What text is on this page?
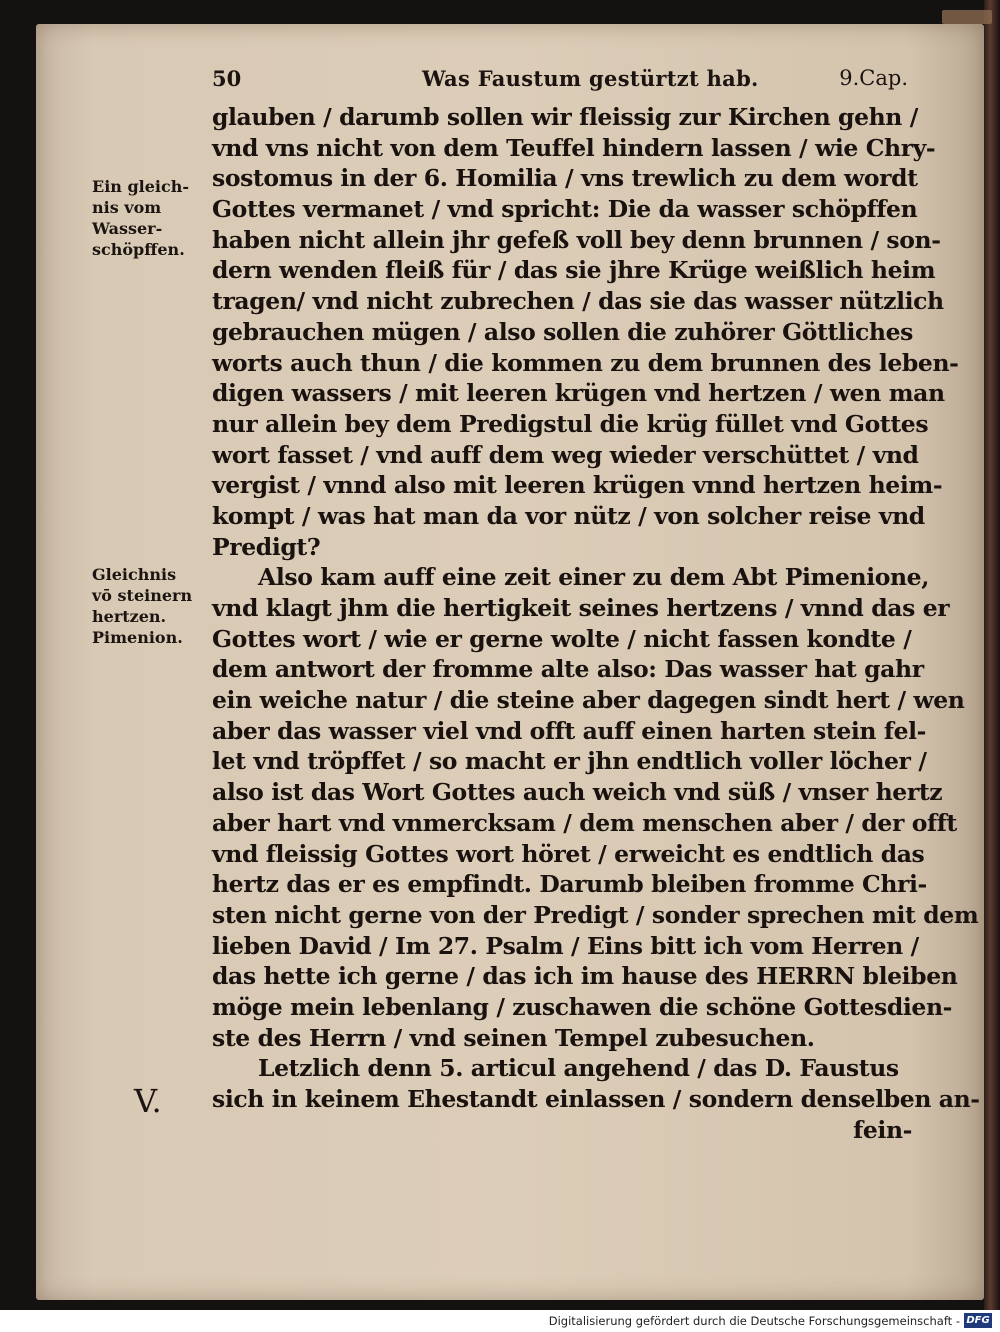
50	Was Faustum gestürtzt hab.	9.Cap.
Ein gleich-
nis vom
Wasser-
schöpffen.
Gleichnis
vō steinern
hertzen.
Pimenion.
V.
glauben / darumb sollen wir fleissig zur Kirchen gehn /
vnd vns nicht von dem Teuffel hindern lassen / wie Chry-
sostomus in der 6. Homilia / vns trewlich zu dem wordt
Gottes vermanet / vnd spricht: Die da wasser schöpffen
haben nicht allein jhr gefeß voll bey denn brunnen / son-
dern wenden fleiß für / das sie jhre Krüge weißlich heim
tragen/ vnd nicht zubrechen / das sie das wasser nützlich
gebrauchen mügen / also sollen die zuhörer Göttliches
worts auch thun / die kommen zu dem brunnen des leben-
digen wassers / mit leeren krügen vnd hertzen / wen man
nur allein bey dem Predigstul die krüg füllet vnd Gottes
wort fasset / vnd auff dem weg wieder verschüttet / vnd
vergist / vnnd also mit leeren krügen vnnd hertzen heim-
kompt / was hat man da vor nütz / von solcher reise vnd
Predigt?
Also kam auff eine zeit einer zu dem Abt Pimenione,
vnd klagt jhm die hertigkeit seines hertzens / vnnd das er
Gottes wort / wie er gerne wolte / nicht fassen kondte /
dem antwort der fromme alte also: Das wasser hat gahr
ein weiche natur / die steine aber dagegen sindt hert / wen
aber das wasser viel vnd offt auff einen harten stein fel-
let vnd tröpffet / so macht er jhn endtlich voller löcher /
also ist das Wort Gottes auch weich vnd süß / vnser hertz
aber hart vnd vnmercksam / dem menschen aber / der offt
vnd fleissig Gottes wort höret / erweicht es endtlich das
hertz das er es empfindt. Darumb bleiben fromme Chri-
sten nicht gerne von der Predigt / sonder sprechen mit dem
lieben David / Im 27. Psalm / Eins bitt ich vom Herren /
das hette ich gerne / das ich im hause des HERRN bleiben
möge mein lebenlang / zuschawen die schöne Gottesdien-
ste des Herrn / vnd seinen Tempel zubesuchen.
Letzlich denn 5. articul angehend / das D. Faustus
sich in keinem Ehestandt einlassen / sondern denselben an-
fein-
Digitalisierung gefördert durch die Deutsche Forschungsgemeinschaft - DFG
